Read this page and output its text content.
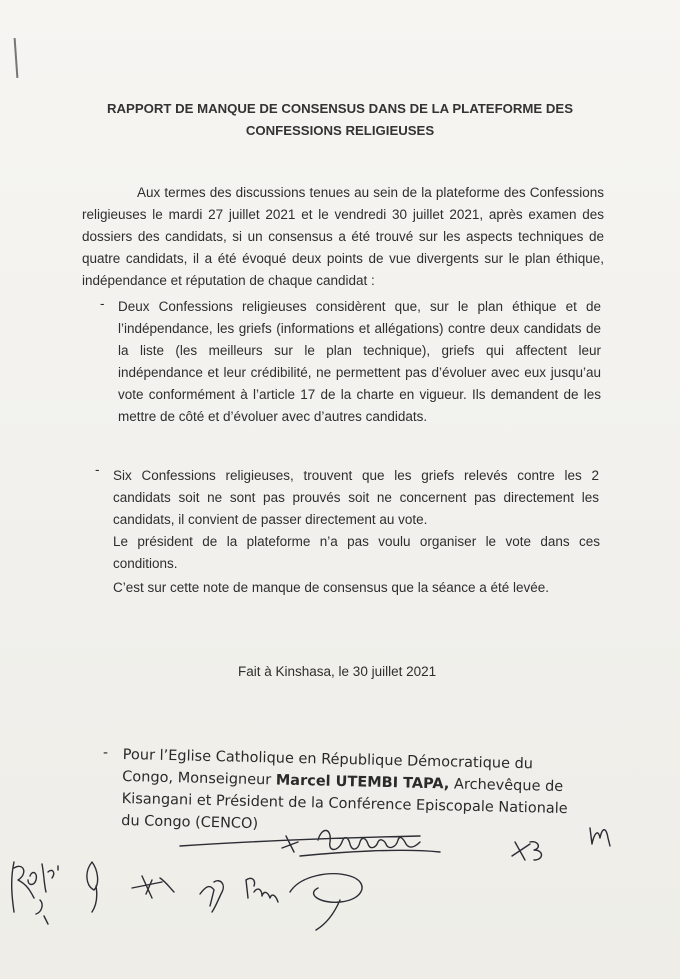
RAPPORT DE MANQUE DE CONSENSUS DANS DE LA PLATEFORME DES CONFESSIONS RELIGIEUSES
Aux termes des discussions tenues au sein de la plateforme des Confessions religieuses le mardi 27 juillet 2021 et le vendredi 30 juillet 2021, après examen des dossiers des candidats, si un consensus a été trouvé sur les aspects techniques de quatre candidats, il a été évoqué deux points de vue divergents sur le plan éthique, indépendance et réputation de chaque candidat :
- Deux Confessions religieuses considèrent que, sur le plan éthique et de l’indépendance, les griefs (informations et allégations) contre deux candidats de la liste (les meilleurs sur le plan technique), griefs qui affectent leur indépendance et leur crédibilité, ne permettent pas d’évoluer avec eux jusqu’au vote conformément à l’article 17 de la charte en vigueur. Ils demandent de les mettre de côté et d’évoluer avec d’autres candidats.
- Six Confessions religieuses, trouvent que les griefs relevés contre les 2 candidats soit ne sont pas prouvés soit ne concernent pas directement les candidats, il convient de passer directement au vote.
Le président de la plateforme n’a pas voulu organiser le vote dans ces conditions.
C’est sur cette note de manque de consensus que la séance a été levée.
Fait à Kinshasa, le 30 juillet 2021
- Pour l’Eglise Catholique en République Démocratique du Congo, Monseigneur Marcel UTEMBI TAPA, Archevêque de Kisangani et Président de la Conférence Episcopale Nationale du Congo (CENCO)
